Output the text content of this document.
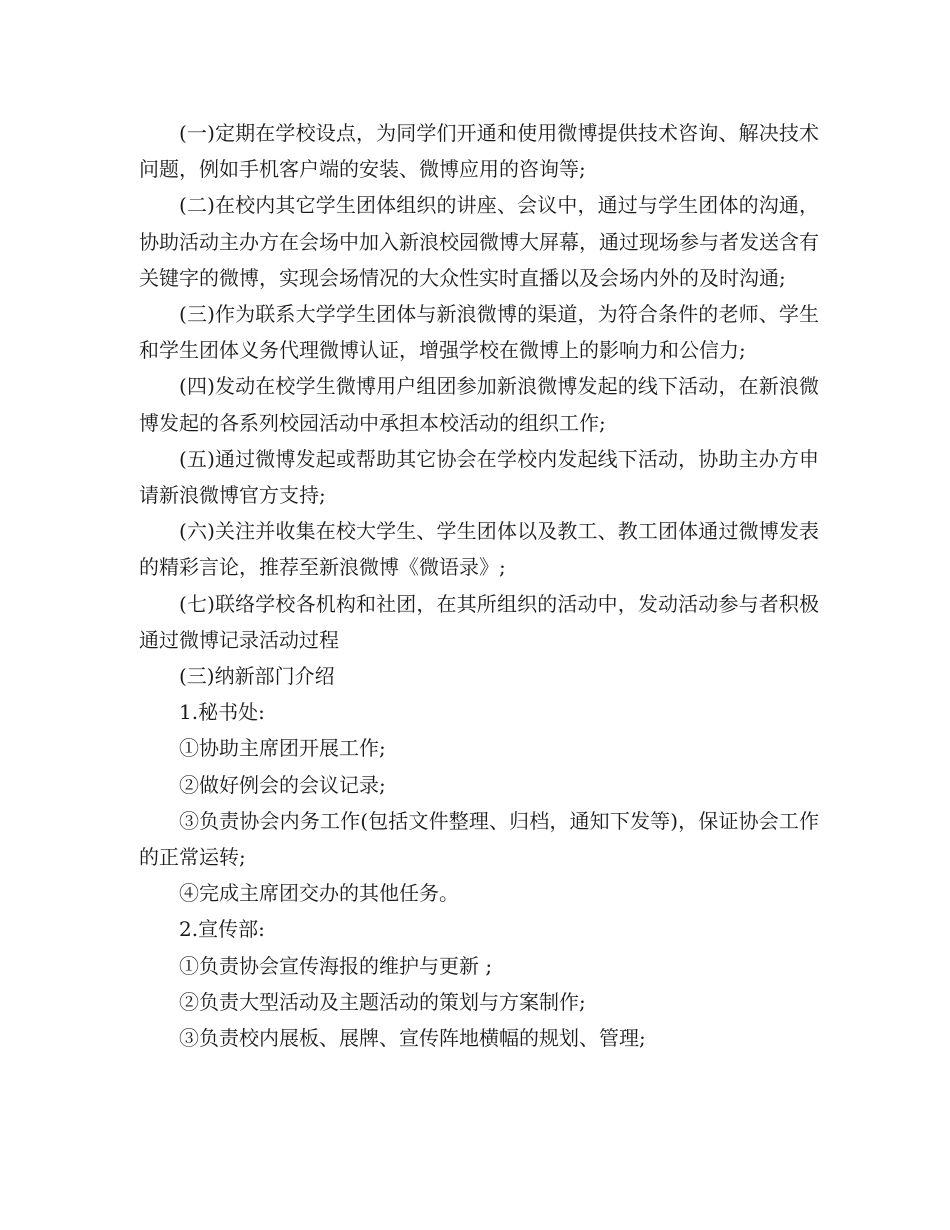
(一)定期在学校设点，为同学们开通和使用微博提供技术咨询、解决技术问题，例如手机客户端的安装、微博应用的咨询等;

(二)在校内其它学生团体组织的讲座、会议中，通过与学生团体的沟通，协助活动主办方在会场中加入新浪校园微博大屏幕，通过现场参与者发送含有关键字的微博，实现会场情况的大众性实时直播以及会场内外的及时沟通;

(三)作为联系大学学生团体与新浪微博的渠道，为符合条件的老师、学生和学生团体义务代理微博认证，增强学校在微博上的影响力和公信力;

(四)发动在校学生微博用户组团参加新浪微博发起的线下活动，在新浪微博发起的各系列校园活动中承担本校活动的组织工作;

(五)通过微博发起或帮助其它协会在学校内发起线下活动，协助主办方申请新浪微博官方支持;

(六)关注并收集在校大学生、学生团体以及教工、教工团体通过微博发表的精彩言论，推荐至新浪微博《微语录》;

(七)联络学校各机构和社团，在其所组织的活动中，发动活动参与者积极通过微博记录活动过程

(三)纳新部门介绍

1.秘书处:

①协助主席团开展工作;

②做好例会的会议记录;

③负责协会内务工作(包括文件整理、归档，通知下发等)，保证协会工作的正常运转;

④完成主席团交办的其他任务。

2.宣传部:

①负责协会宣传海报的维护与更新 ;

②负责大型活动及主题活动的策划与方案制作;

③负责校内展板、展牌、宣传阵地横幅的规划、管理;
